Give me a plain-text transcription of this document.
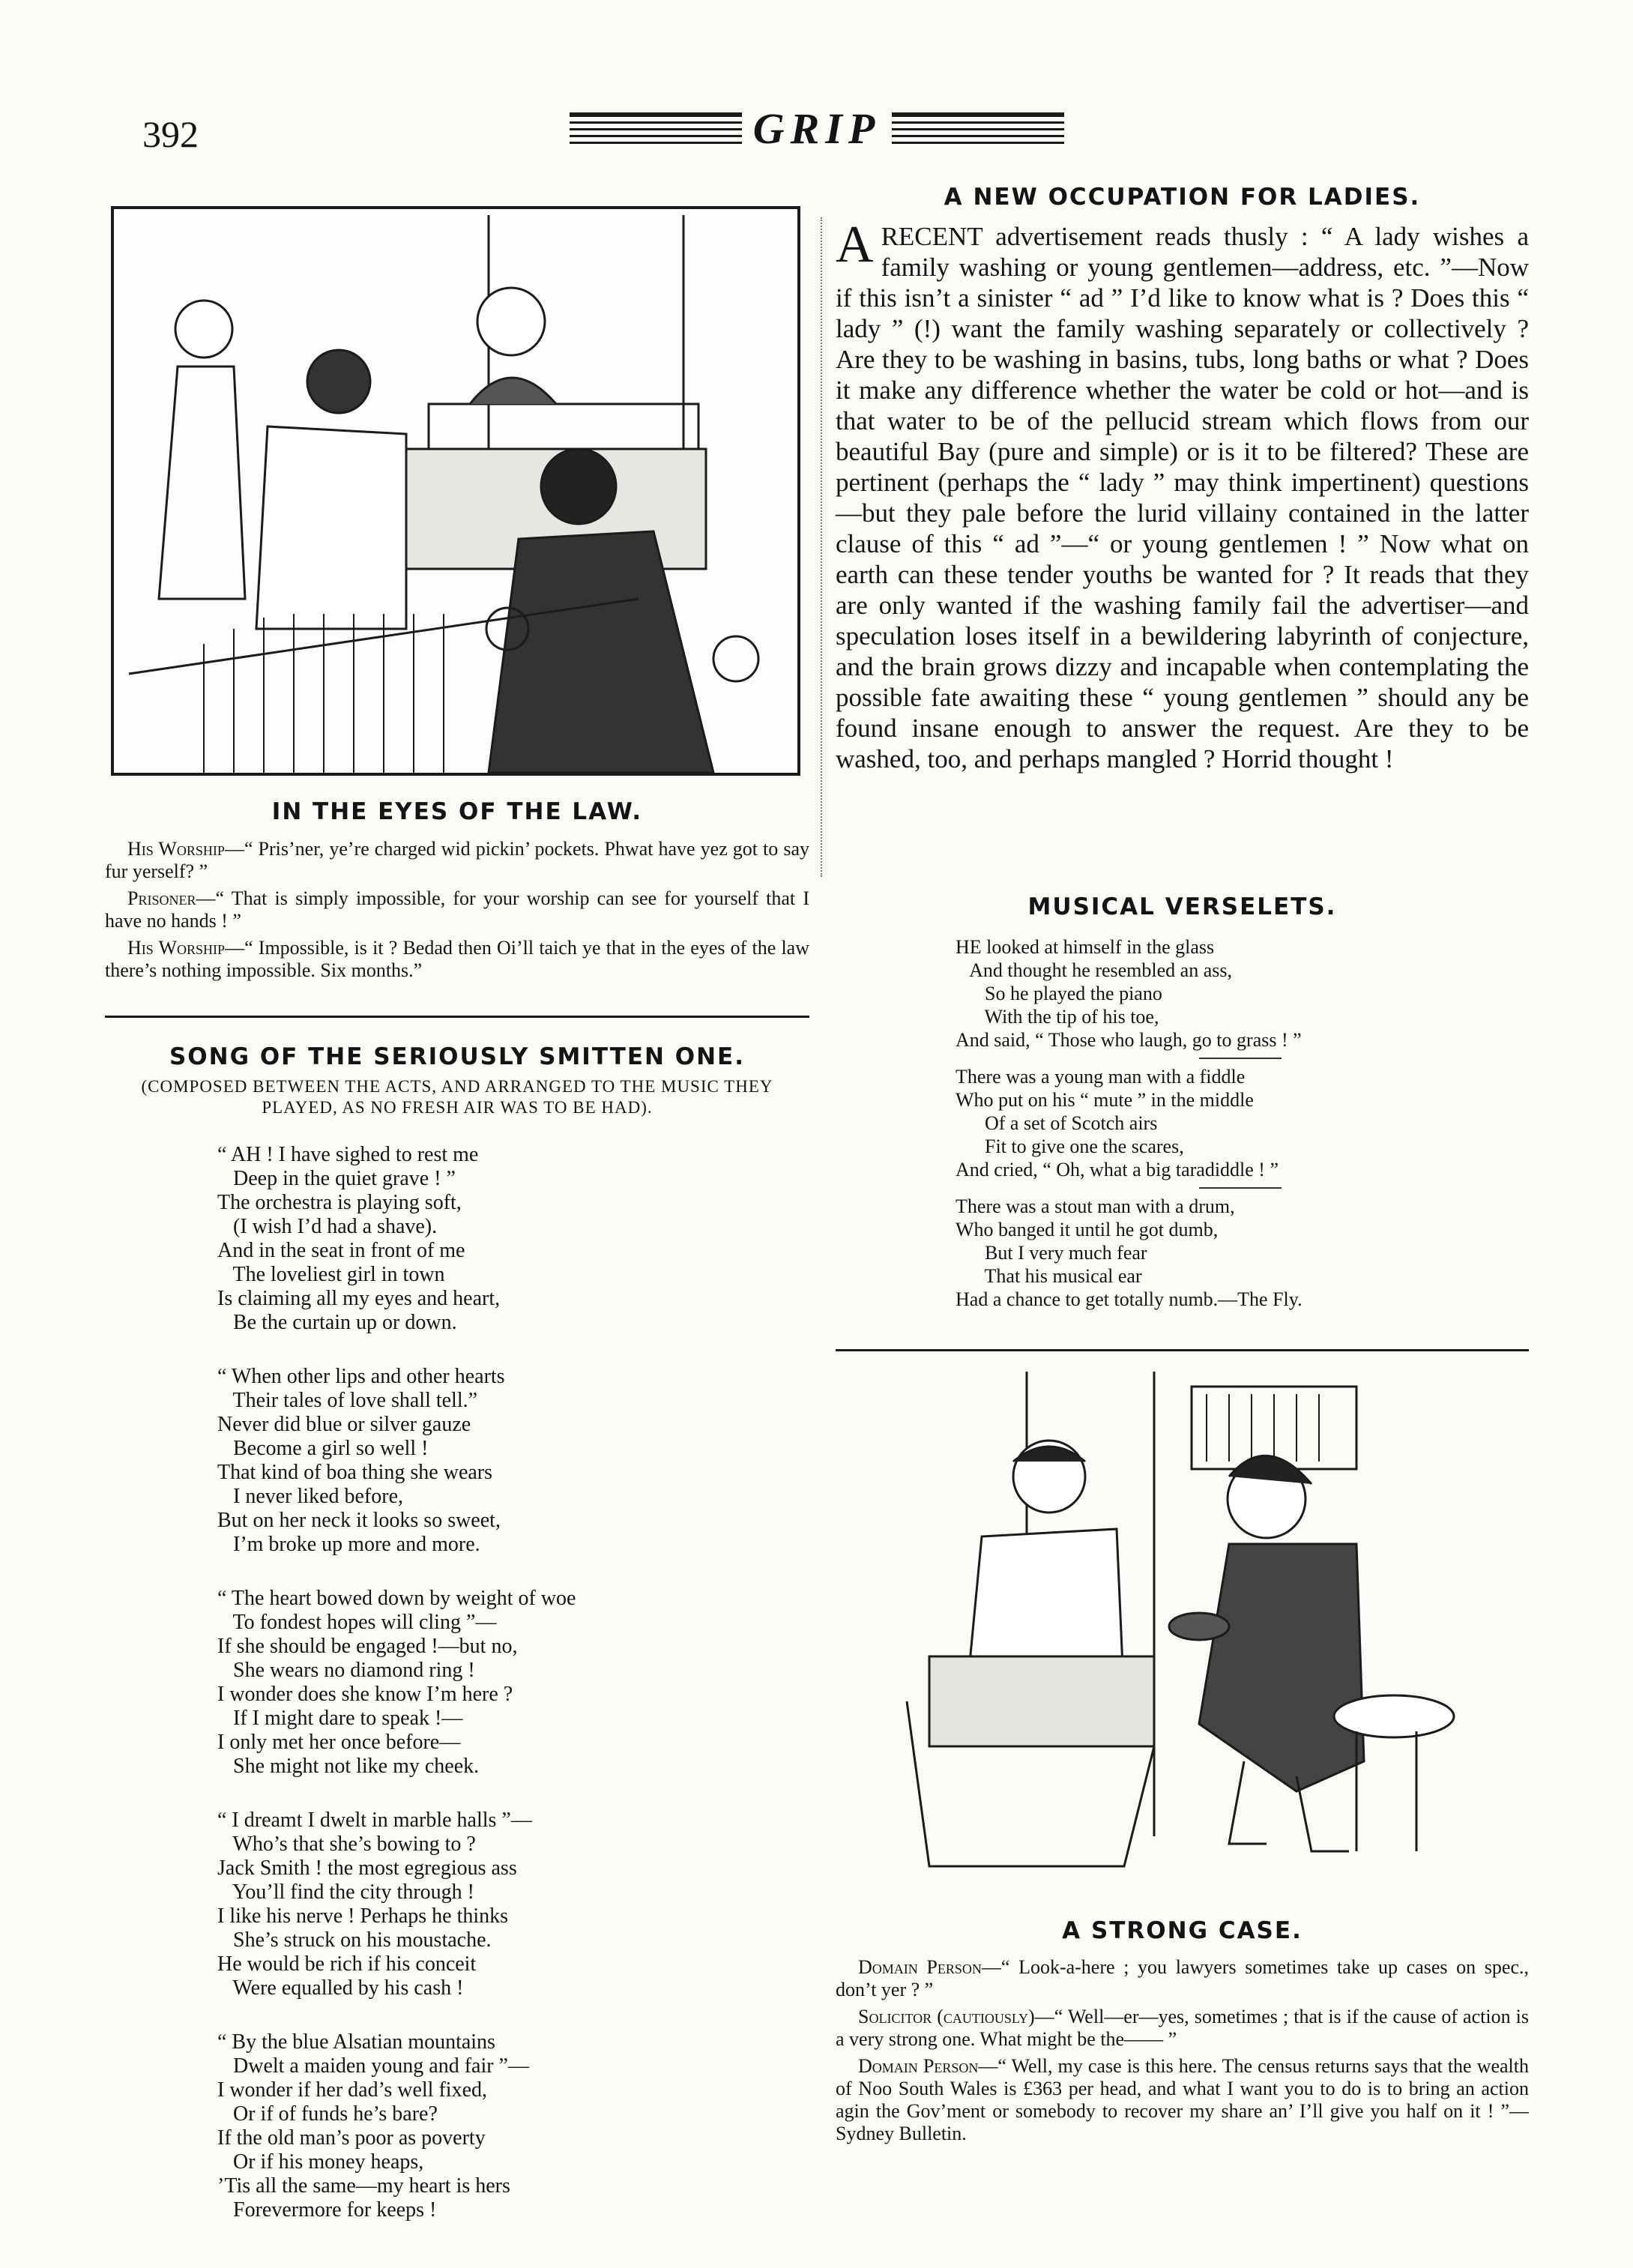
392	GRIP
IN THE EYES OF THE LAW.

His Worship—“ Pris’ner, ye’re charged wid pickin’ pockets. Phwat have yez got to say fur yerself? ”

Prisoner—“ That is simply impossible, for your worship can see for yourself that I have no hands ! ”

His Worship—“ Impossible, is it ? Bedad then Oi’ll taich ye that in the eyes of the law there’s nothing impossible. Six months.”

SONG OF THE SERIOUSLY SMITTEN ONE.
(COMPOSED BETWEEN THE ACTS, AND ARRANGED TO THE MUSIC THEY PLAYED, AS NO FRESH AIR WAS TO BE HAD).
“ AH ! I have sighed to rest me
Deep in the quiet grave ! ”
The orchestra is playing soft,
(I wish I’d had a shave).
And in the seat in front of me
The loveliest girl in town
Is claiming all my eyes and heart,
Be the curtain up or down.
“ When other lips and other hearts
Their tales of love shall tell.”
Never did blue or silver gauze
Become a girl so well !
That kind of boa thing she wears
I never liked before,
But on her neck it looks so sweet,
I’m broke up more and more.
“ The heart bowed down by weight of woe
To fondest hopes will cling ”—
If she should be engaged !—but no,
She wears no diamond ring !
I wonder does she know I’m here ?
If I might dare to speak !—
I only met her once before—
She might not like my cheek.
“ I dreamt I dwelt in marble halls ”—
Who’s that she’s bowing to ?
Jack Smith ! the most egregious ass
You’ll find the city through !
I like his nerve ! Perhaps he thinks
She’s struck on his moustache.
He would be rich if his conceit
Were equalled by his cash !
“ By the blue Alsatian mountains
Dwelt a maiden young and fair ”—
I wonder if her dad’s well fixed,
Or if of funds he’s bare?
If the old man’s poor as poverty
Or if his money heaps,
’Tis all the same—my heart is hers
Forevermore for keeps !
A NEW OCCUPATION FOR LADIES.
A RECENT advertisement reads thusly : “ A lady wishes a family washing or young gentlemen—address, etc. ”—Now if this isn’t a sinister “ ad ” I’d like to know what is ? Does this “ lady ” (!) want the family washing separately or collectively ? Are they to be washing in basins, tubs, long baths or what ? Does it make any difference whether the water be cold or hot—and is that water to be of the pellucid stream which flows from our beautiful Bay (pure and simple) or is it to be filtered? These are pertinent (perhaps the “ lady ” may think impertinent) questions—but they pale before the lurid villainy contained in the latter clause of this “ ad ”—“ or young gentlemen ! ” Now what on earth can these tender youths be wanted for ? It reads that they are only wanted if the washing family fail the advertiser—and speculation loses itself in a bewildering labyrinth of conjecture, and the brain grows dizzy and incapable when contemplating the possible fate awaiting these “ young gentlemen ” should any be found insane enough to answer the request. Are they to be washed, too, and perhaps mangled ? Horrid thought !
MUSICAL VERSELETS.
HE looked at himself in the glass
And thought he resembled an ass,
So he played the piano
With the tip of his toe,
And said, “ Those who laugh, go to grass ! ”
There was a young man with a fiddle
Who put on his “ mute ” in the middle
Of a set of Scotch airs
Fit to give one the scares,
And cried, “ Oh, what a big taradiddle ! ”
There was a stout man with a drum,
Who banged it until he got dumb,
But I very much fear
That his musical ear
Had a chance to get totally numb.—The Fly.
A STRONG CASE.

Domain Person—“ Look-a-here ; you lawyers sometimes take up cases on spec., don’t yer ? ”

Solicitor (cautiously)—“ Well—er—yes, sometimes ; that is if the cause of action is a very strong one. What might be the—— ”

Domain Person—“ Well, my case is this here. The census returns says that the wealth of Noo South Wales is £363 per head, and what I want you to do is to bring an action agin the Gov’ment or somebody to recover my share an’ I’ll give you half on it ! ”—Sydney Bulletin.
